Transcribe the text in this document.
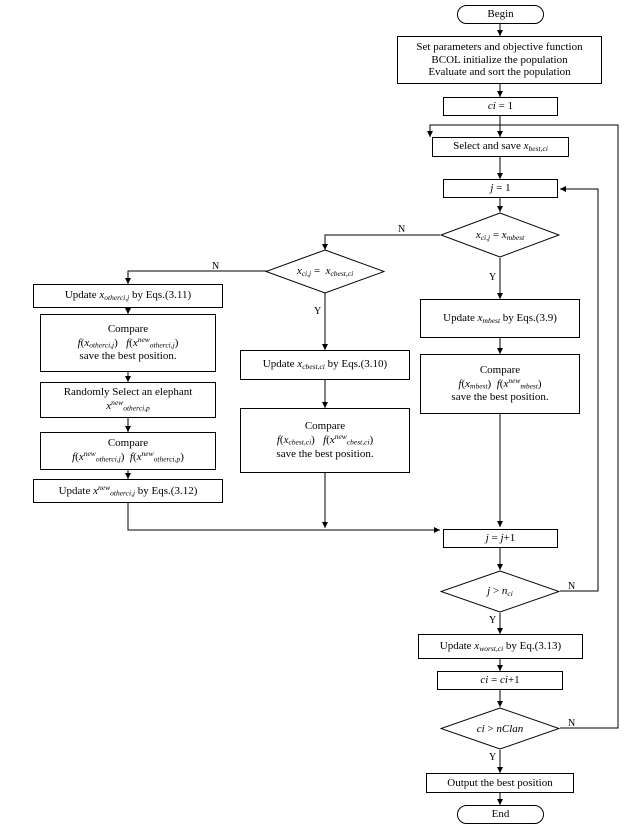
Begin
Set parameters and objective function
BCOL initialize the population
Evaluate and sort the population
ci = 1
Select and save $x_{best,ci}$
j = 1
$x_{ci,j} = x_{mbest}$
Update $x_{mbest}$ by Eqs.(3.9)
Compare
$f(x_{mbest})$  $f(x^{new}_{mbest})$
save the best position.
$x_{ci,j} = x_{cbest,ci}$
Update $x_{cbest,ci}$ by Eqs.(3.10)
Compare
$f(x_{cbest,ci})$   $f(x^{new}_{cbest,ci})$
save the best position.
Update $x_{otherci,j}$ by Eqs.(3.11)
Compare
$f(x_{otherci,j})$   $f(x^{new}_{otherci,j})$
save the best position.
Randomly Select an elephant
$x^{new}_{otherci,p}$
Compare
$f(x^{new}_{otherci,j})$  $f(x^{new}_{otherci,p})$
Update $x^{new}_{otherci,j}$ by Eqs.(3.12)
j = j+1
$j > n_{ci}$
Update $x_{worst,ci}$ by Eq.(3.13)
ci = ci+1
ci > nClan
Output the best position
End
N
Y
N
Y
N
Y
N
Y
